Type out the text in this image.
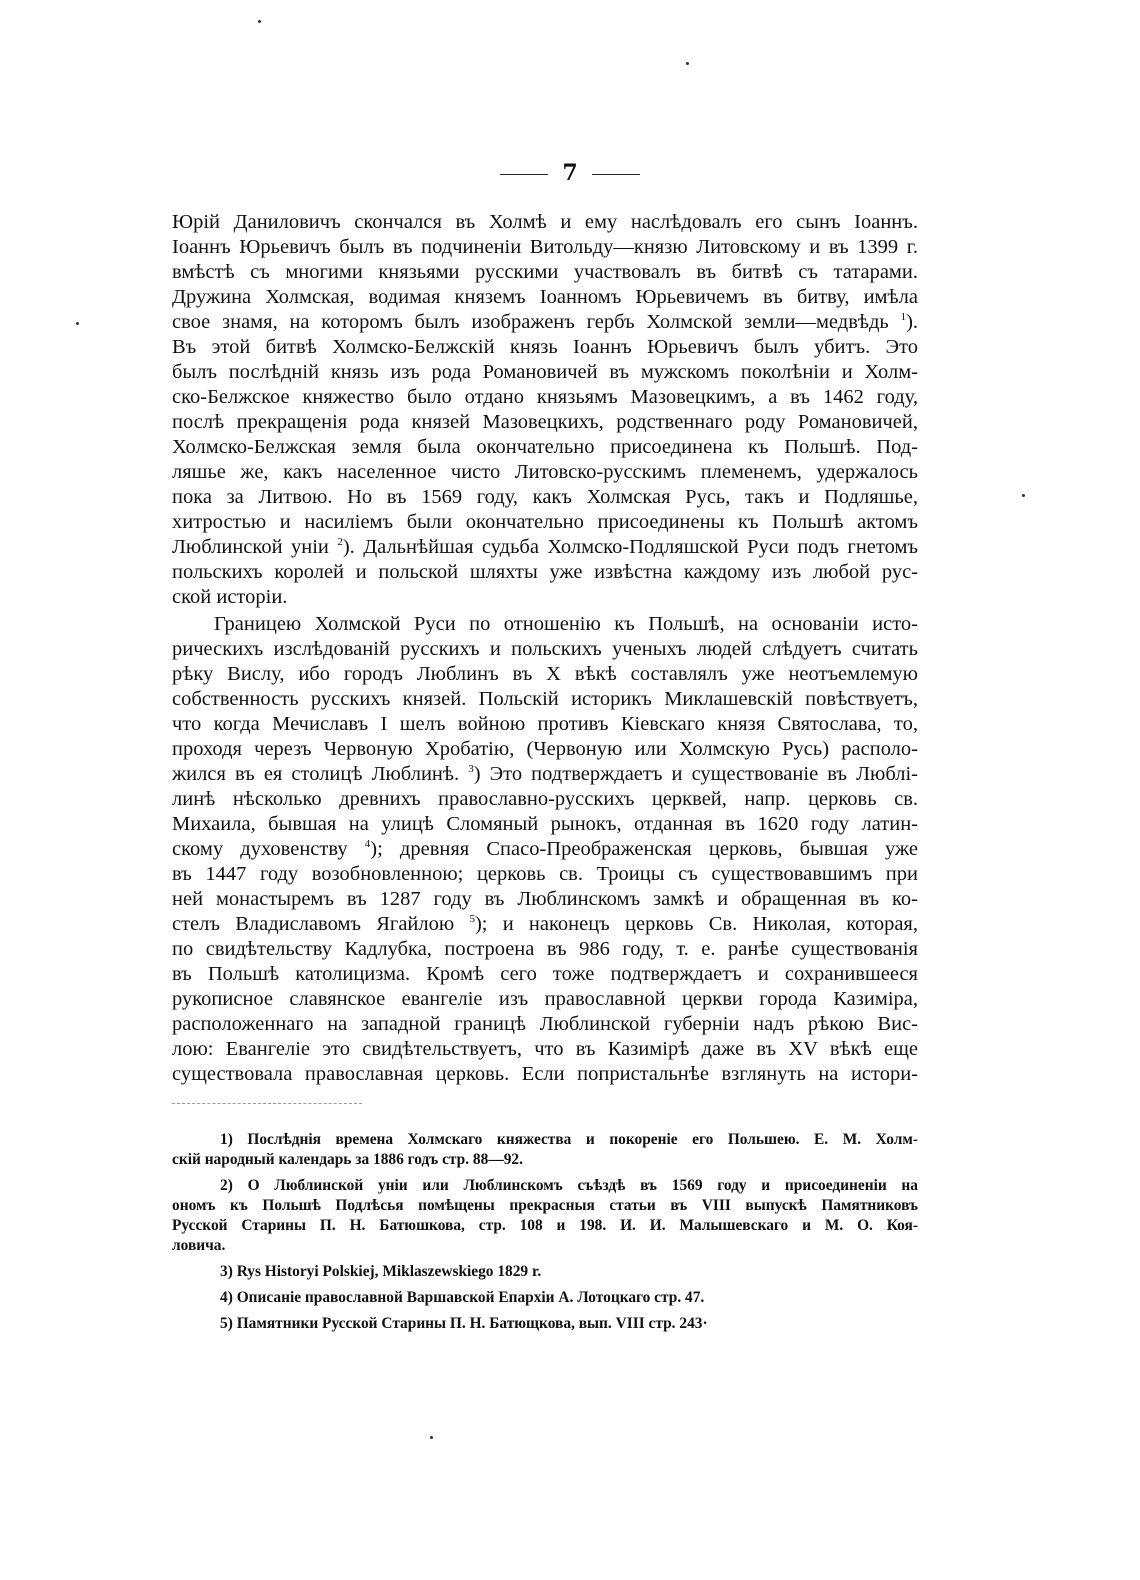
7
Юрій Даниловичъ скончался въ Холмѣ и ему наслѣдовалъ его сынъ Іоаннъ.
Іоаннъ Юрьевичъ былъ въ подчиненіи Витольду—князю Литовскому и въ 1399 г.
вмѣстѣ съ многими князьями русскими участвовалъ въ битвѣ съ татарами.
Дружина Холмская, водимая княземъ Іоанномъ Юрьевичемъ въ битву, имѣла
свое знамя, на которомъ былъ изображенъ гербъ Холмской земли—медвѣдь $^1$).
Въ этой битвѣ Холмско-Белжскій князь Іоаннъ Юрьевичъ былъ убитъ. Это
былъ послѣдній князь изъ рода Романовичей въ мужскомъ поколѣніи и Холм-
ско-Белжское княжество было отдано князьямъ Мазовецкимъ, а въ 1462 году,
послѣ прекращенія рода князей Мазовецкихъ, родственнаго роду Романовичей,
Холмско-Белжская земля была окончательно присоединена къ Польшѣ. Под-
ляшье же, какъ населенное чисто Литовско-русскимъ племенемъ, удержалось
пока за Литвою. Но въ 1569 году, какъ Холмская Русь, такъ и Подляшье,
хитростью и насиліемъ были окончательно присоединены къ Польшѣ актомъ
Люблинской уніи $^2$). Дальнѣйшая судьба Холмско-Подляшской Руси подъ гнетомъ
польскихъ королей и польской шляхты уже извѣстна каждому изъ любой рус-
ской исторіи.
Границею Холмской Руси по отношенію къ Польшѣ, на основаніи исто-
рическихъ изслѣдованій русскихъ и польскихъ ученыхъ людей слѣдуетъ считать
рѣку Вислу, ибо городъ Люблинъ въ X вѣкѣ составлялъ уже неотъемлемую
собственность русскихъ князей. Польскій историкъ Миклашевскій повѣствуетъ,
что когда Мечиславъ I шелъ войною противъ Кіевскаго князя Святослава, то,
проходя черезъ Червоную Хробатію, (Червоную или Холмскую Русь) располо-
жился въ ея столицѣ Люблинѣ. $^3$) Это подтверждаетъ и существованіе въ Люблі-
линѣ нѣсколько древнихъ православно-русскихъ церквей, напр. церковь св.
Михаила, бывшая на улицѣ Сломяный рынокъ, отданная въ 1620 году латин-
скому духовенству $^4$); древняя Спасо-Преображенская церковь, бывшая уже
въ 1447 году возобновленною; церковь св. Троицы съ существовавшимъ при
ней монастыремъ въ 1287 году въ Люблинскомъ замкѣ и обращенная въ ко-
стелъ Владиславомъ Ягайлою $^5$); и наконецъ церковь Св. Николая, которая,
по свидѣтельству Кадлубка, построена въ 986 году, т. е. ранѣе существованія
въ Польшѣ католицизма. Кромѣ сего тоже подтверждаетъ и сохранившееся
рукописное славянское евангеліе изъ православной церкви города Казиміра,
расположеннаго на западной границѣ Люблинской губерніи надъ рѣкою Вис-
лою: Евангеліе это свидѣтельствуетъ, что въ Казимірѣ даже въ XV вѣкѣ еще
существовала православная церковь. Если попристальнѣе взглянуть на истори-
1) Послѣднія времена Холмскаго княжества и покореніе его Польшею. Е. М. Холм-
скій народный календарь за 1886 годъ стр. 88—92.
2) О Люблинской уніи или Люблинскомъ съѣздѣ въ 1569 году и присоединеніи на
ономъ къ Польшѣ Подлѣсья помѣщены прекрасныя статьи въ VIII выпускѣ Памятниковъ
Русской Старины П. Н. Батюшкова, стр. 108 и 198. И. И. Малышевскаго и М. О. Коя-
ловича.
3) Rys Historyi Polskiej, Miklaszewskiego 1829 r.
4) Описаніе православной Варшавской Епархіи А. Лотоцкаго стр. 47.
5) Памятники Русской Старины П. Н. Батющкова, вып. VIII стр. 243·
